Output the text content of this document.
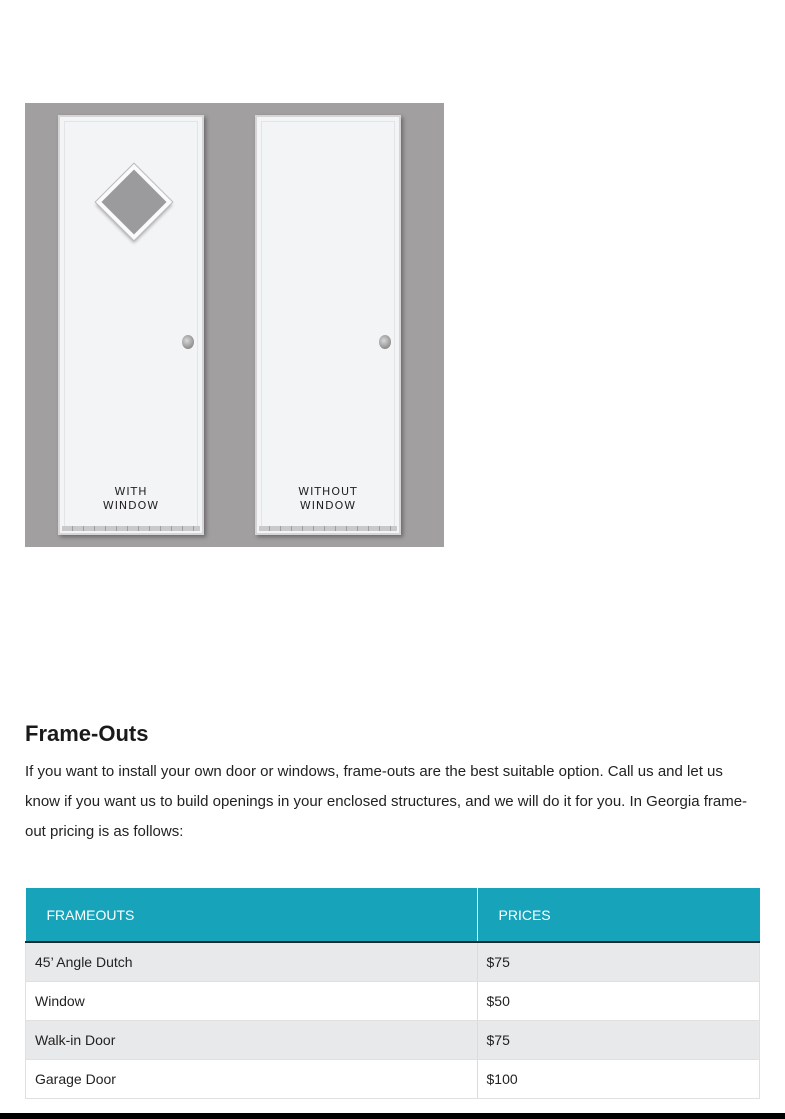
WITH
WINDOW
WITHOUT
WINDOW
Frame-Outs

If you want to install your own door or windows, frame-outs are the best suitable option. Call us and let us know if you want us to build openings in your enclosed structures, and we will do it for you. In Georgia frame-out pricing is as follows:

FRAMEOUTS	PRICES
45’ Angle Dutch	$75
Window	$50
Walk-in Door	$75
Garage Door	$100
